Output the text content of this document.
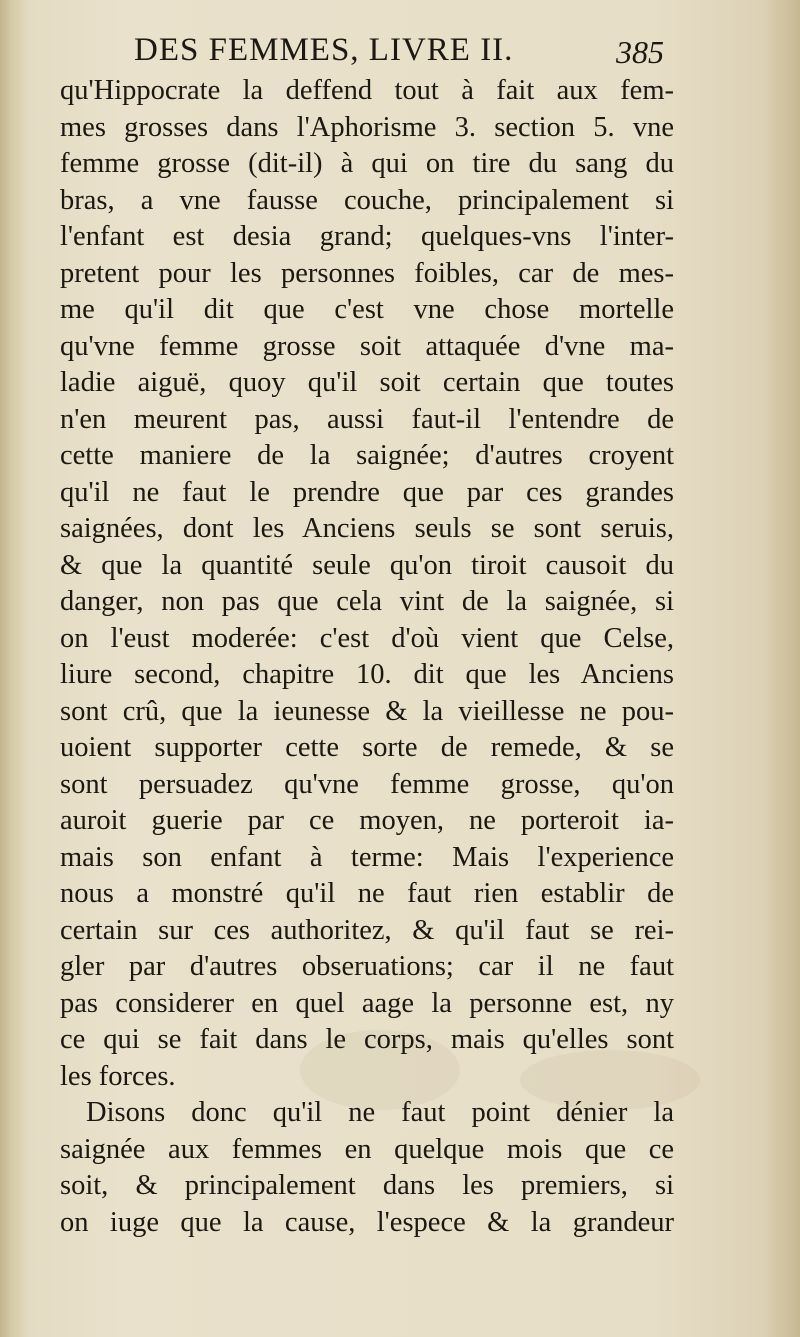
DES FEMMES, LIVRE II.	385
qu'Hippocrate la deffend tout à fait aux fem-
mes grosses dans l'Aphorisme 3. section 5. vne
femme grosse (dit-il) à qui on tire du sang du
bras, a vne fausse couche, principalement si
l'enfant est desia grand; quelques-vns l'inter-
pretent pour les personnes foibles, car de mes-
me qu'il dit que c'est vne chose mortelle
qu'vne femme grosse soit attaquée d'vne ma-
ladie aiguë, quoy qu'il soit certain que toutes
n'en meurent pas, aussi faut-il l'entendre de
cette maniere de la saignée; d'autres croyent
qu'il ne faut le prendre que par ces grandes
saignées, dont les Anciens seuls se sont seruis,
& que la quantité seule qu'on tiroit causoit du
danger, non pas que cela vint de la saignée, si
on l'eust moderée: c'est d'où vient que Celse,
liure second, chapitre 10. dit que les Anciens
sont crû, que la ieunesse & la vieillesse ne pou-
uoient supporter cette sorte de remede, & se
sont persuadez qu'vne femme grosse, qu'on
auroit guerie par ce moyen, ne porteroit ia-
mais son enfant à terme: Mais l'experience
nous a monstré qu'il ne faut rien establir de
certain sur ces authoritez, & qu'il faut se rei-
gler par d'autres obseruations; car il ne faut
pas considerer en quel aage la personne est, ny
ce qui se fait dans le corps, mais qu'elles sont
les forces.
Disons donc qu'il ne faut point dénier la
saignée aux femmes en quelque mois que ce
soit, & principalement dans les premiers, si
on iuge que la cause, l'espece & la grandeur
